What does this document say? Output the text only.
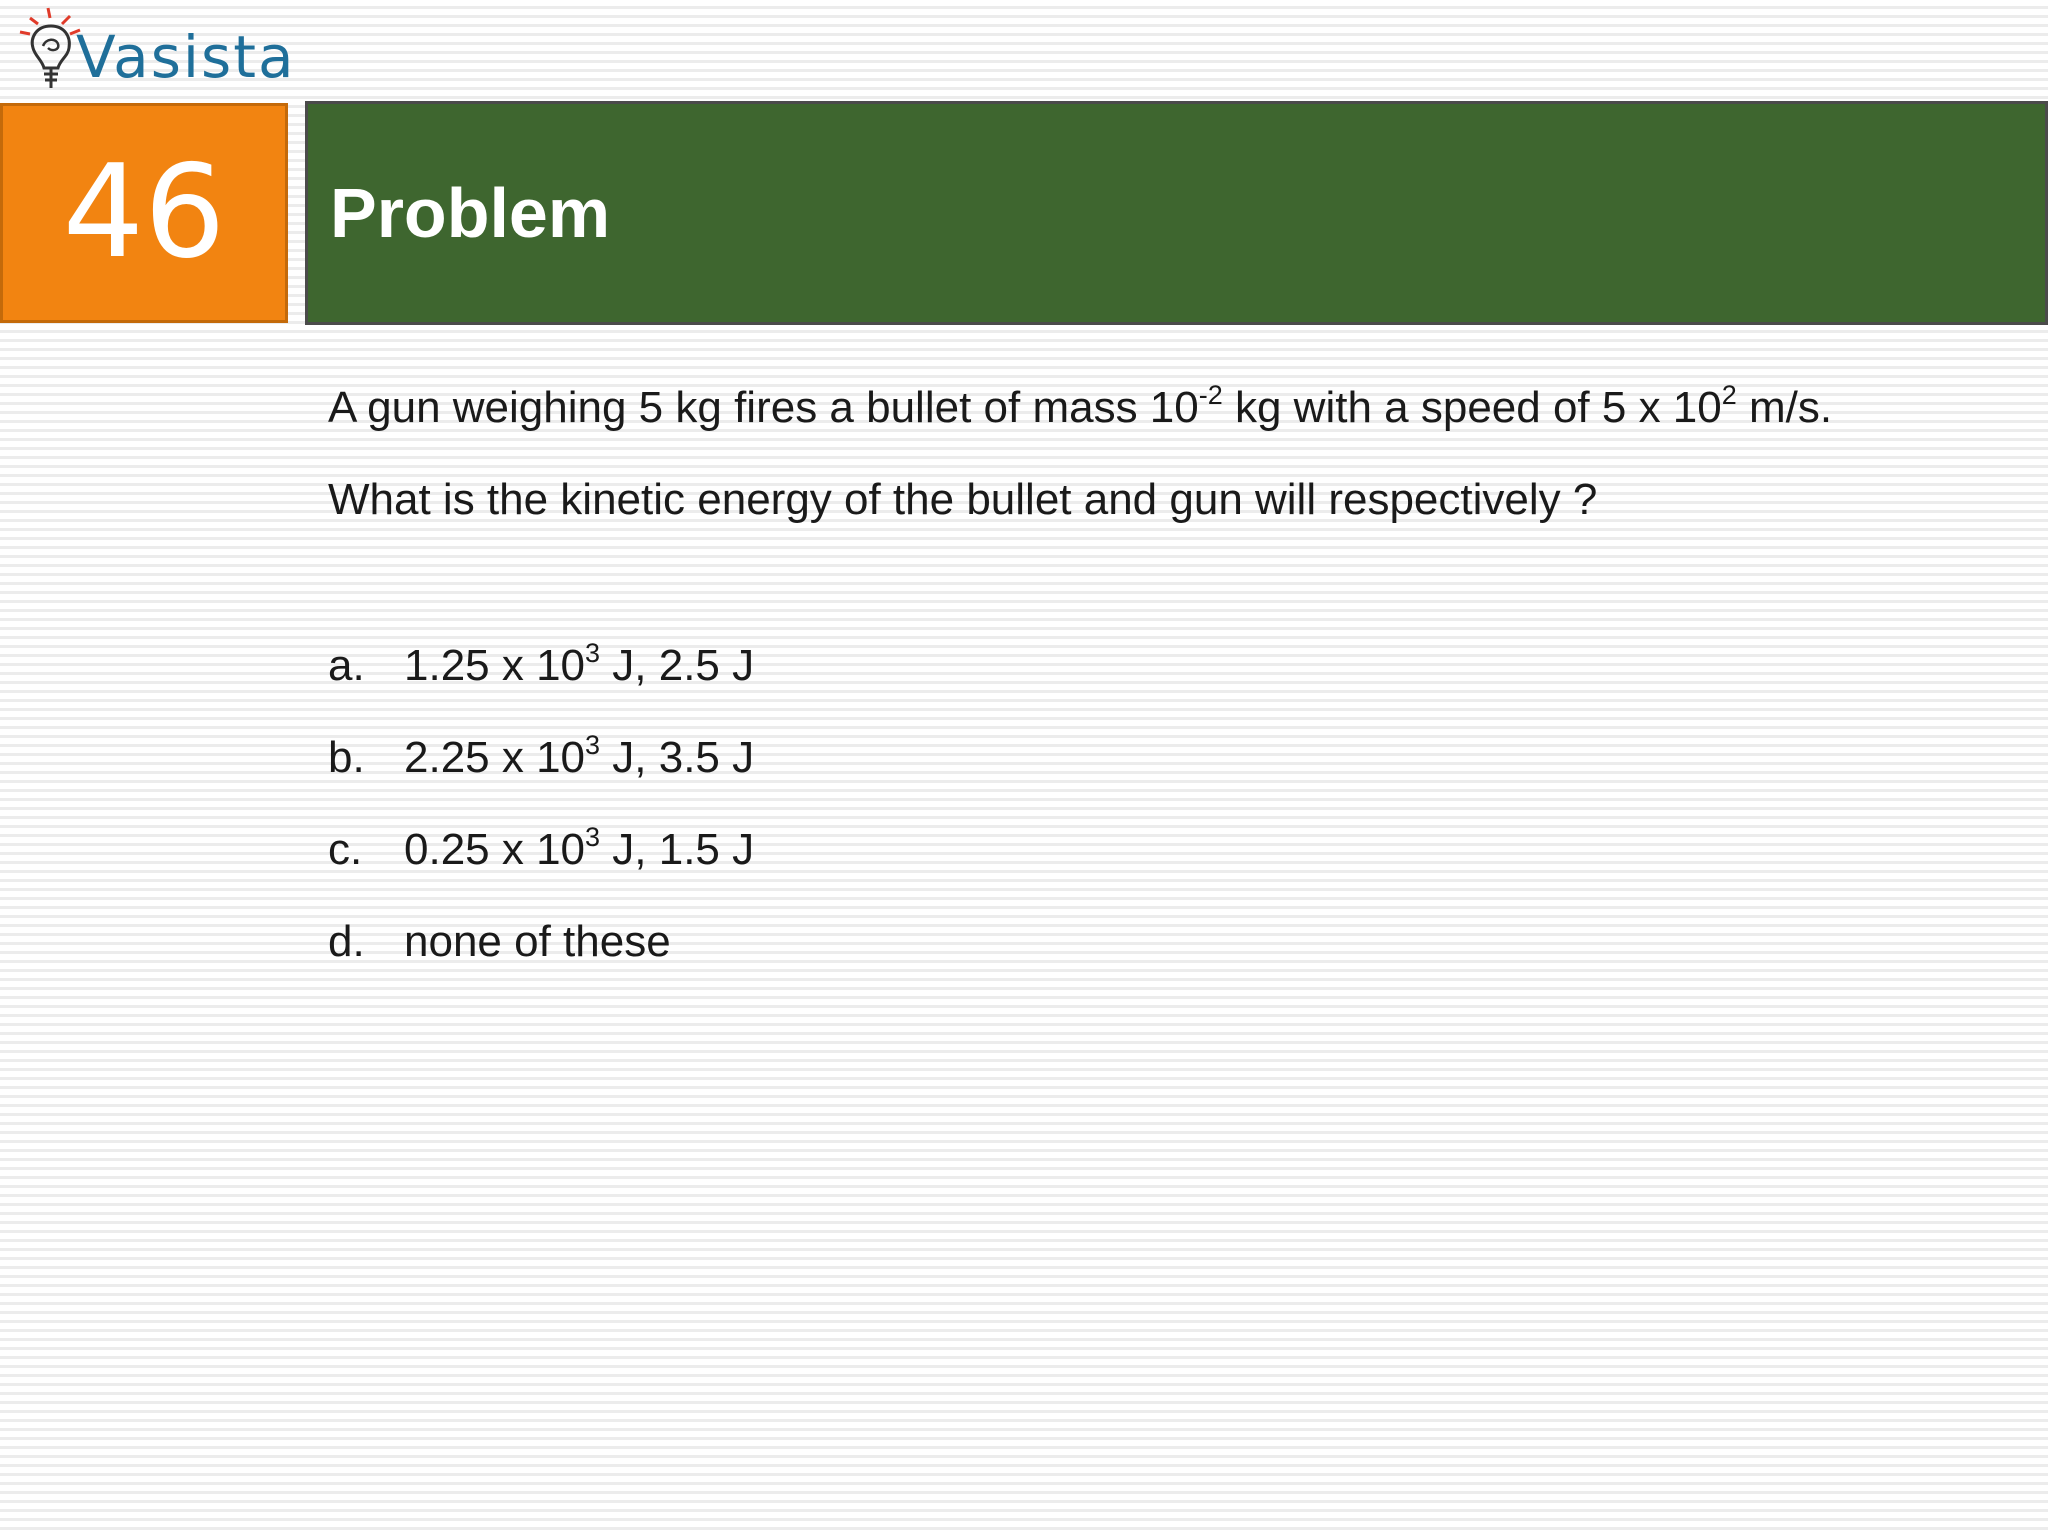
Vasista
46 Problem

A gun weighing 5 kg fires a bullet of mass $10^{-2}$ kg with a speed of 5 x $10^2$ m/s.

What is the kinetic energy of the bullet and gun will respectively ?

a. 1.25 x $10^3$ J, 2.5 J
b. 2.25 x $10^3$ J, 3.5 J
c. 0.25 x $10^3$ J, 1.5 J
d. none of these
